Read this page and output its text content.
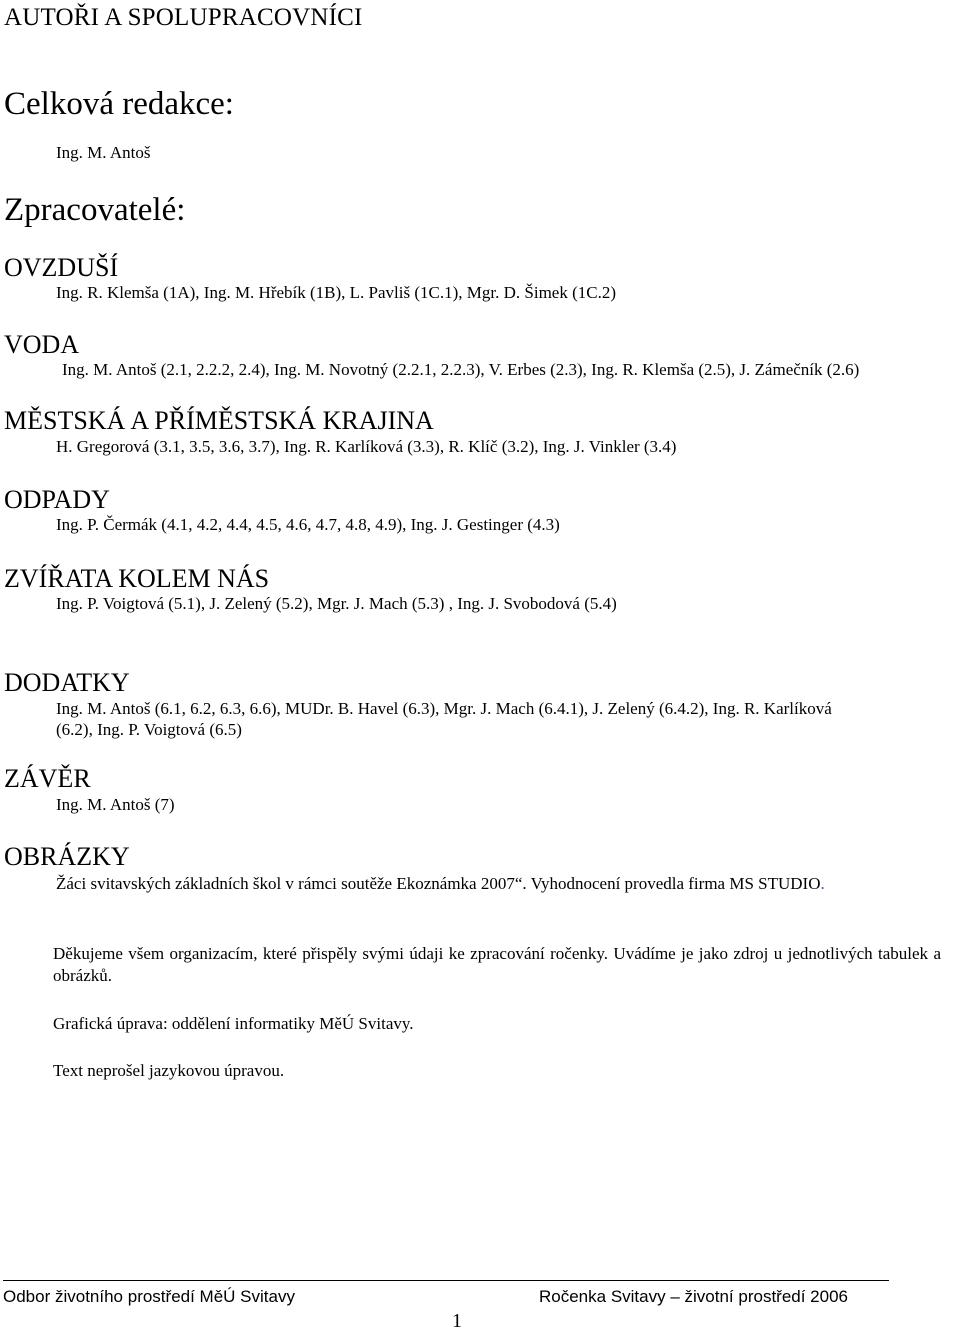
AUTOŘI A SPOLUPRACOVNÍCI
Celková redakce:
Ing. M. Antoš
Zpracovatelé:
OVZDUŠÍ
Ing. R. Klemša (1A), Ing. M. Hřebík (1B), L. Pavliš (1C.1), Mgr. D. Šimek (1C.2)
VODA
Ing. M. Antoš (2.1, 2.2.2, 2.4), Ing. M. Novotný (2.2.1, 2.2.3), V. Erbes (2.3), Ing. R. Klemša (2.5), J. Zámečník (2.6)
MĚSTSKÁ A PŘÍMĚSTSKÁ KRAJINA
H. Gregorová (3.1, 3.5, 3.6, 3.7), Ing. R. Karlíková (3.3), R. Klíč (3.2), Ing. J. Vinkler (3.4)
ODPADY
Ing. P. Čermák (4.1, 4.2, 4.4, 4.5, 4.6, 4.7, 4.8, 4.9), Ing. J. Gestinger (4.3)
ZVÍŘATA KOLEM NÁS
Ing. P. Voigtová (5.1), J. Zelený (5.2), Mgr. J. Mach (5.3) , Ing. J. Svobodová (5.4)
DODATKY
Ing. M. Antoš (6.1, 6.2, 6.3, 6.6), MUDr. B. Havel (6.3), Mgr. J. Mach (6.4.1), J. Zelený (6.4.2), Ing. R. Karlíková
(6.2), Ing. P. Voigtová (6.5)
ZÁVĚR
Ing. M. Antoš (7)
OBRÁZKY
Žáci svitavských základních škol v rámci soutěže Ekoznámka 2007“. Vyhodnocení provedla firma MS STUDIO.
Děkujeme všem organizacím, které přispěly svými údaji ke zpracování ročenky. Uvádíme je jako zdroj u jednotlivých tabulek a obrázků.
Grafická úprava: oddělení informatiky MěÚ Svitavy.
Text neprošel jazykovou úpravou.
Odbor životního prostředí MěÚ Svitavy	Ročenka Svitavy – životní prostředí 2006
1
